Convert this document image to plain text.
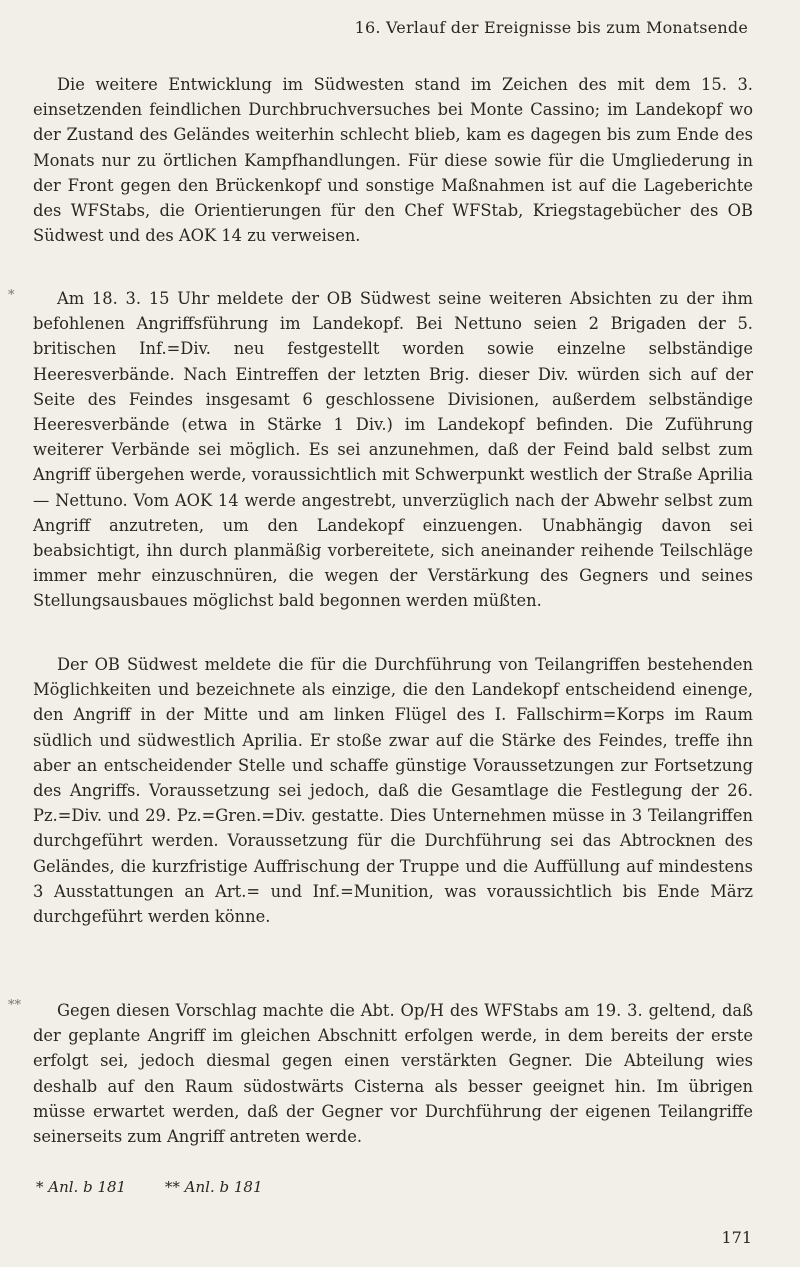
16. Verlauf der Ereignisse bis zum Monatsende
*
**

Die weitere Entwicklung im Südwesten stand im Zeichen des mit dem 15. 3. einsetzenden feindlichen Durchbruchversuches bei Monte Cassino; im Landekopf wo der Zustand des Geländes weiterhin schlecht blieb, kam es dagegen bis zum Ende des Monats nur zu örtlichen Kampfhandlungen. Für diese sowie für die Umgliederung in der Front gegen den Brückenkopf und sonstige Maßnahmen ist auf die Lageberichte des WFStabs, die Orientierungen für den Chef WFStab, Kriegstagebücher des OB Südwest und des AOK 14 zu verweisen.

Am 18. 3. 15 Uhr meldete der OB Südwest seine weiteren Absichten zu der ihm befohlenen Angriffsführung im Landekopf. Bei Nettuno seien 2 Brigaden der 5. britischen Inf.=Div. neu festgestellt worden sowie einzelne selbständige Heeresverbände. Nach Eintreffen der letzten Brig. dieser Div. würden sich auf der Seite des Feindes insgesamt 6 geschlossene Divisionen, außerdem selbständige Heeresverbände (etwa in Stärke 1 Div.) im Landekopf befinden. Die Zuführung weiterer Verbände sei möglich. Es sei anzunehmen, daß der Feind bald selbst zum Angriff übergehen werde, voraussichtlich mit Schwerpunkt westlich der Straße Aprilia — Nettuno. Vom AOK 14 werde angestrebt, unverzüglich nach der Abwehr selbst zum Angriff anzutreten, um den Landekopf einzuengen. Unabhängig davon sei beabsichtigt, ihn durch planmäßig vorbereitete, sich aneinander reihende Teilschläge immer mehr einzuschnüren, die wegen der Verstärkung des Gegners und seines Stellungsausbaues möglichst bald begonnen werden müßten.

Der OB Südwest meldete die für die Durchführung von Teilangriffen bestehenden Möglichkeiten und bezeichnete als einzige, die den Landekopf entscheidend einenge, den Angriff in der Mitte und am linken Flügel des I. Fallschirm=Korps im Raum südlich und südwestlich Aprilia. Er stoße zwar auf die Stärke des Feindes, treffe ihn aber an entscheidender Stelle und schaffe günstige Voraussetzungen zur Fortsetzung des Angriffs. Voraussetzung sei jedoch, daß die Gesamtlage die Festlegung der 26. Pz.=Div. und 29. Pz.=Gren.=Div. gestatte. Dies Unternehmen müsse in 3 Teilangriffen durchgeführt werden. Voraussetzung für die Durchführung sei das Abtrocknen des Geländes, die kurzfristige Auffrischung der Truppe und die Auffüllung auf mindestens 3 Ausstattungen an Art.= und Inf.=Munition, was voraussichtlich bis Ende März durchgeführt werden könne.

Gegen diesen Vorschlag machte die Abt. Op/H des WFStabs am 19. 3. geltend, daß der geplante Angriff im gleichen Abschnitt erfolgen werde, in dem bereits der erste erfolgt sei, jedoch diesmal gegen einen verstärkten Gegner. Die Abteilung wies deshalb auf den Raum südostwärts Cisterna als besser geeignet hin. Im übrigen müsse erwartet werden, daß der Gegner vor Durchführung der eigenen Teilangriffe seinerseits zum Angriff antreten werde.

* Anl. b 181	** Anl. b 181
171
